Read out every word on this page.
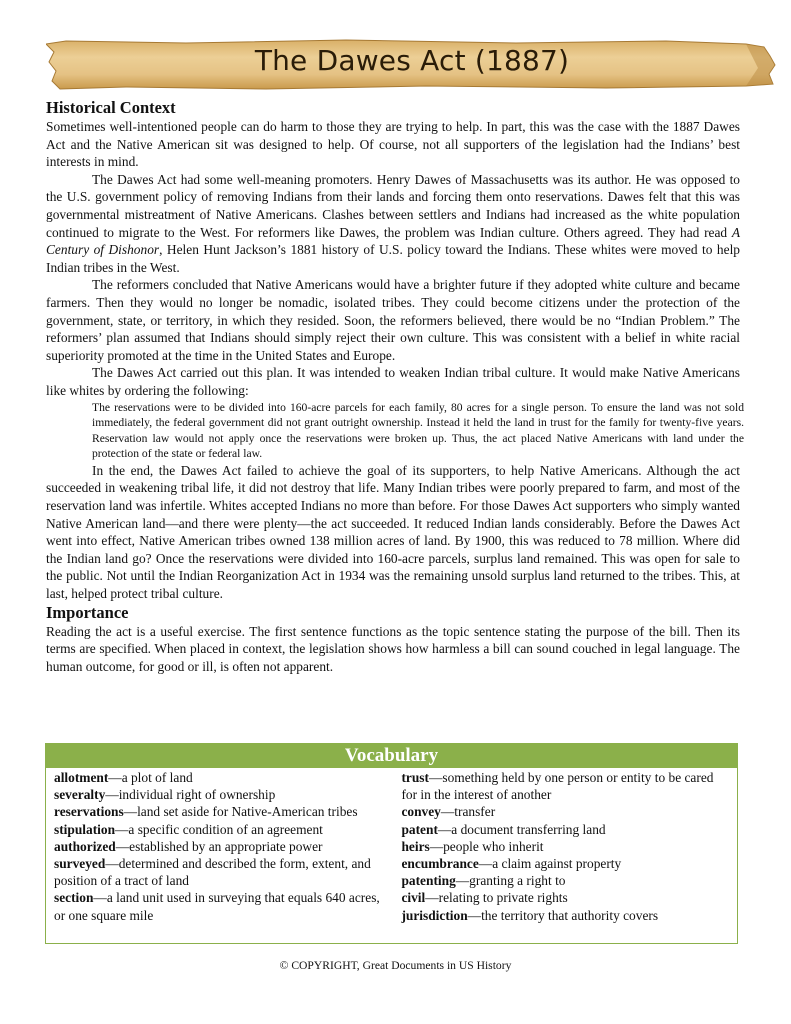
The Dawes Act (1887)
Historical Context

Sometimes well-intentioned people can do harm to those they are trying to help. In part, this was the case with the 1887 Dawes Act and the Native American sit was designed to help. Of course, not all supporters of the legislation had the Indians’ best interests in mind.

The Dawes Act had some well-meaning promoters. Henry Dawes of Massachusetts was its author. He was opposed to the U.S. government policy of removing Indians from their lands and forcing them onto reservations. Dawes felt that this was governmental mistreatment of Native Americans. Clashes between settlers and Indians had increased as the white population continued to migrate to the West. For reformers like Dawes, the problem was Indian culture. Others agreed. They had read A Century of Dishonor, Helen Hunt Jackson’s 1881 history of U.S. policy toward the Indians. These whites were moved to help Indian tribes in the West.

The reformers concluded that Native Americans would have a brighter future if they adopted white culture and became farmers. Then they would no longer be nomadic, isolated tribes. They could become citizens under the protection of the government, state, or territory, in which they resided. Soon, the reformers believed, there would be no “Indian Problem.” The reformers’ plan assumed that Indians should simply reject their own culture. This was consistent with a belief in white racial superiority promoted at the time in the United States and Europe.

The Dawes Act carried out this plan. It was intended to weaken Indian tribal culture. It would make Native Americans like whites by ordering the following:

The reservations were to be divided into 160-acre parcels for each family, 80 acres for a single person. To ensure the land was not sold immediately, the federal government did not grant outright ownership. Instead it held the land in trust for the family for twenty-five years. Reservation law would not apply once the reservations were broken up. Thus, the act placed Native Americans with land under the protection of the state or federal law.

In the end, the Dawes Act failed to achieve the goal of its supporters, to help Native Americans. Although the act succeeded in weakening tribal life, it did not destroy that life. Many Indian tribes were poorly prepared to farm, and most of the reservation land was infertile. Whites accepted Indians no more than before. For those Dawes Act supporters who simply wanted Native American land—and there were plenty—the act succeeded. It reduced Indian lands considerably. Before the Dawes Act went into effect, Native American tribes owned 138 million acres of land. By 1900, this was reduced to 78 million. Where did the Indian land go? Once the reservations were divided into 160-acre parcels, surplus land remained. This was open for sale to the public. Not until the Indian Reorganization Act in 1934 was the remaining unsold surplus land returned to the tribes. This, at last, helped protect tribal culture.

Importance

Reading the act is a useful exercise. The first sentence functions as the topic sentence stating the purpose of the bill. Then its terms are specified. When placed in context, the legislation shows how harmless a bill can sound couched in legal language. The human outcome, for good or ill, is often not apparent.

Vocabulary
allotment—a plot of land
severalty—individual right of ownership
reservations—land set aside for Native-American tribes
stipulation—a specific condition of an agreement
authorized—established by an appropriate power
surveyed—determined and described the form, extent, and position of a tract of land
section—a land unit used in surveying that equals 640 acres, or one square mile
trust—something held by one person or entity to be cared for in the interest of another
convey—transfer
patent—a document transferring land
heirs—people who inherit
encumbrance—a claim against property
patenting—granting a right to
civil—relating to private rights
jurisdiction—the territory that authority covers
© COPYRIGHT, Great Documents in US History
